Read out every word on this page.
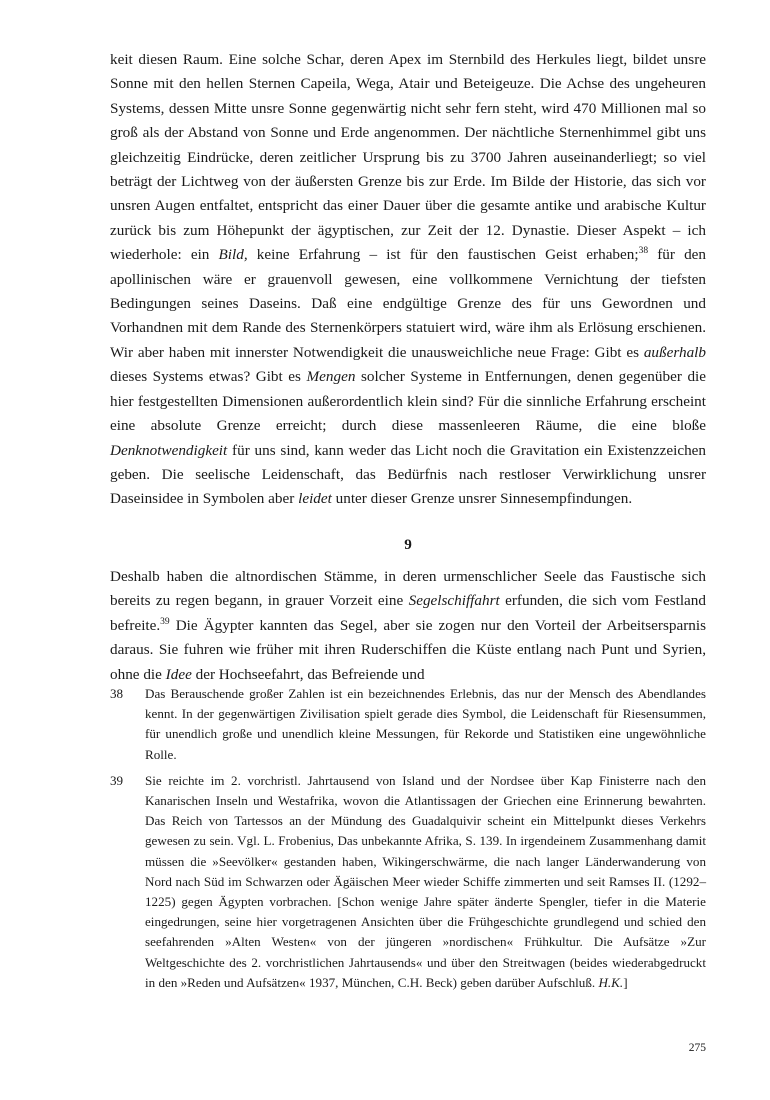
keit diesen Raum. Eine solche Schar, deren Apex im Sternbild des Herkules liegt, bildet unsre Sonne mit den hellen Sternen Capeila, Wega, Atair und Beteigeuze. Die Achse des ungeheuren Systems, dessen Mitte unsre Sonne gegenwärtig nicht sehr fern steht, wird 470 Millionen mal so groß als der Abstand von Sonne und Erde angenommen. Der nächtliche Sternenhimmel gibt uns gleichzeitig Eindrücke, deren zeitlicher Ursprung bis zu 3700 Jahren auseinanderliegt; so viel beträgt der Lichtweg von der äußersten Grenze bis zur Erde. Im Bilde der Historie, das sich vor unsren Augen entfaltet, entspricht das einer Dauer über die gesamte antike und arabische Kultur zurück bis zum Höhepunkt der ägyptischen, zur Zeit der 12. Dynastie. Dieser Aspekt – ich wiederhole: ein Bild, keine Erfahrung – ist für den faustischen Geist erhaben;$^{38}$ für den apollinischen wäre er grauenvoll gewesen, eine vollkommene Vernichtung der tiefsten Bedingungen seines Daseins. Daß eine endgültige Grenze des für uns Gewordnen und Vorhandnen mit dem Rande des Sternenkörpers statuiert wird, wäre ihm als Erlösung erschienen. Wir aber haben mit innerster Notwendigkeit die unausweichliche neue Frage: Gibt es außerhalb dieses Systems etwas? Gibt es Mengen solcher Systeme in Entfernungen, denen gegenüber die hier festgestellten Dimensionen außerordentlich klein sind? Für die sinnliche Erfahrung erscheint eine absolute Grenze erreicht; durch diese massenleeren Räume, die eine bloße Denknotwendigkeit für uns sind, kann weder das Licht noch die Gravitation ein Existenzzeichen geben. Die seelische Leidenschaft, das Bedürfnis nach restloser Verwirklichung unsrer Daseinsidee in Symbolen aber leidet unter dieser Grenze unsrer Sinnesempfindungen.

9

Deshalb haben die altnordischen Stämme, in deren urmenschlicher Seele das Faustische sich bereits zu regen begann, in grauer Vorzeit eine Segelschiffahrt erfunden, die sich vom Festland befreite.$^{39}$ Die Ägypter kannten das Segel, aber sie zogen nur den Vorteil der Arbeitsersparnis daraus. Sie fuhren wie früher mit ihren Ruderschiffen die Küste entlang nach Punt und Syrien, ohne die Idee der Hochseefahrt, das Befreiende und

38 Das Berauschende großer Zahlen ist ein bezeichnendes Erlebnis, das nur der Mensch des Abendlandes kennt. In der gegenwärtigen Zivilisation spielt gerade dies Symbol, die Leidenschaft für Riesensummen, für unendlich große und unendlich kleine Messungen, für Rekorde und Statistiken eine ungewöhnliche Rolle.
39 Sie reichte im 2. vorchristl. Jahrtausend von Island und der Nordsee über Kap Finisterre nach den Kanarischen Inseln und Westafrika, wovon die Atlantissagen der Griechen eine Erinnerung bewahrten. Das Reich von Tartessos an der Mündung des Guadalquivir scheint ein Mittelpunkt dieses Verkehrs gewesen zu sein. Vgl. L. Frobenius, Das unbekannte Afrika, S. 139. In irgendeinem Zusammenhang damit müssen die »Seevölker« gestanden haben, Wikingerschwärme, die nach langer Länderwanderung von Nord nach Süd im Schwarzen oder Ägäischen Meer wieder Schiffe zimmerten und seit Ramses II. (1292–1225) gegen Ägypten vorbrachen. [Schon wenige Jahre später änderte Spengler, tiefer in die Materie eingedrungen, seine hier vorgetragenen Ansichten über die Frühgeschichte grundlegend und schied den seefahrenden »Alten Westen« von der jüngeren »nordischen« Frühkultur. Die Aufsätze »Zur Weltgeschichte des 2. vorchristlichen Jahrtausends« und über den Streitwagen (beides wiederabgedruckt in den »Reden und Aufsätzen« 1937, München, C.H. Beck) geben darüber Aufschluß. H.K.]
275
